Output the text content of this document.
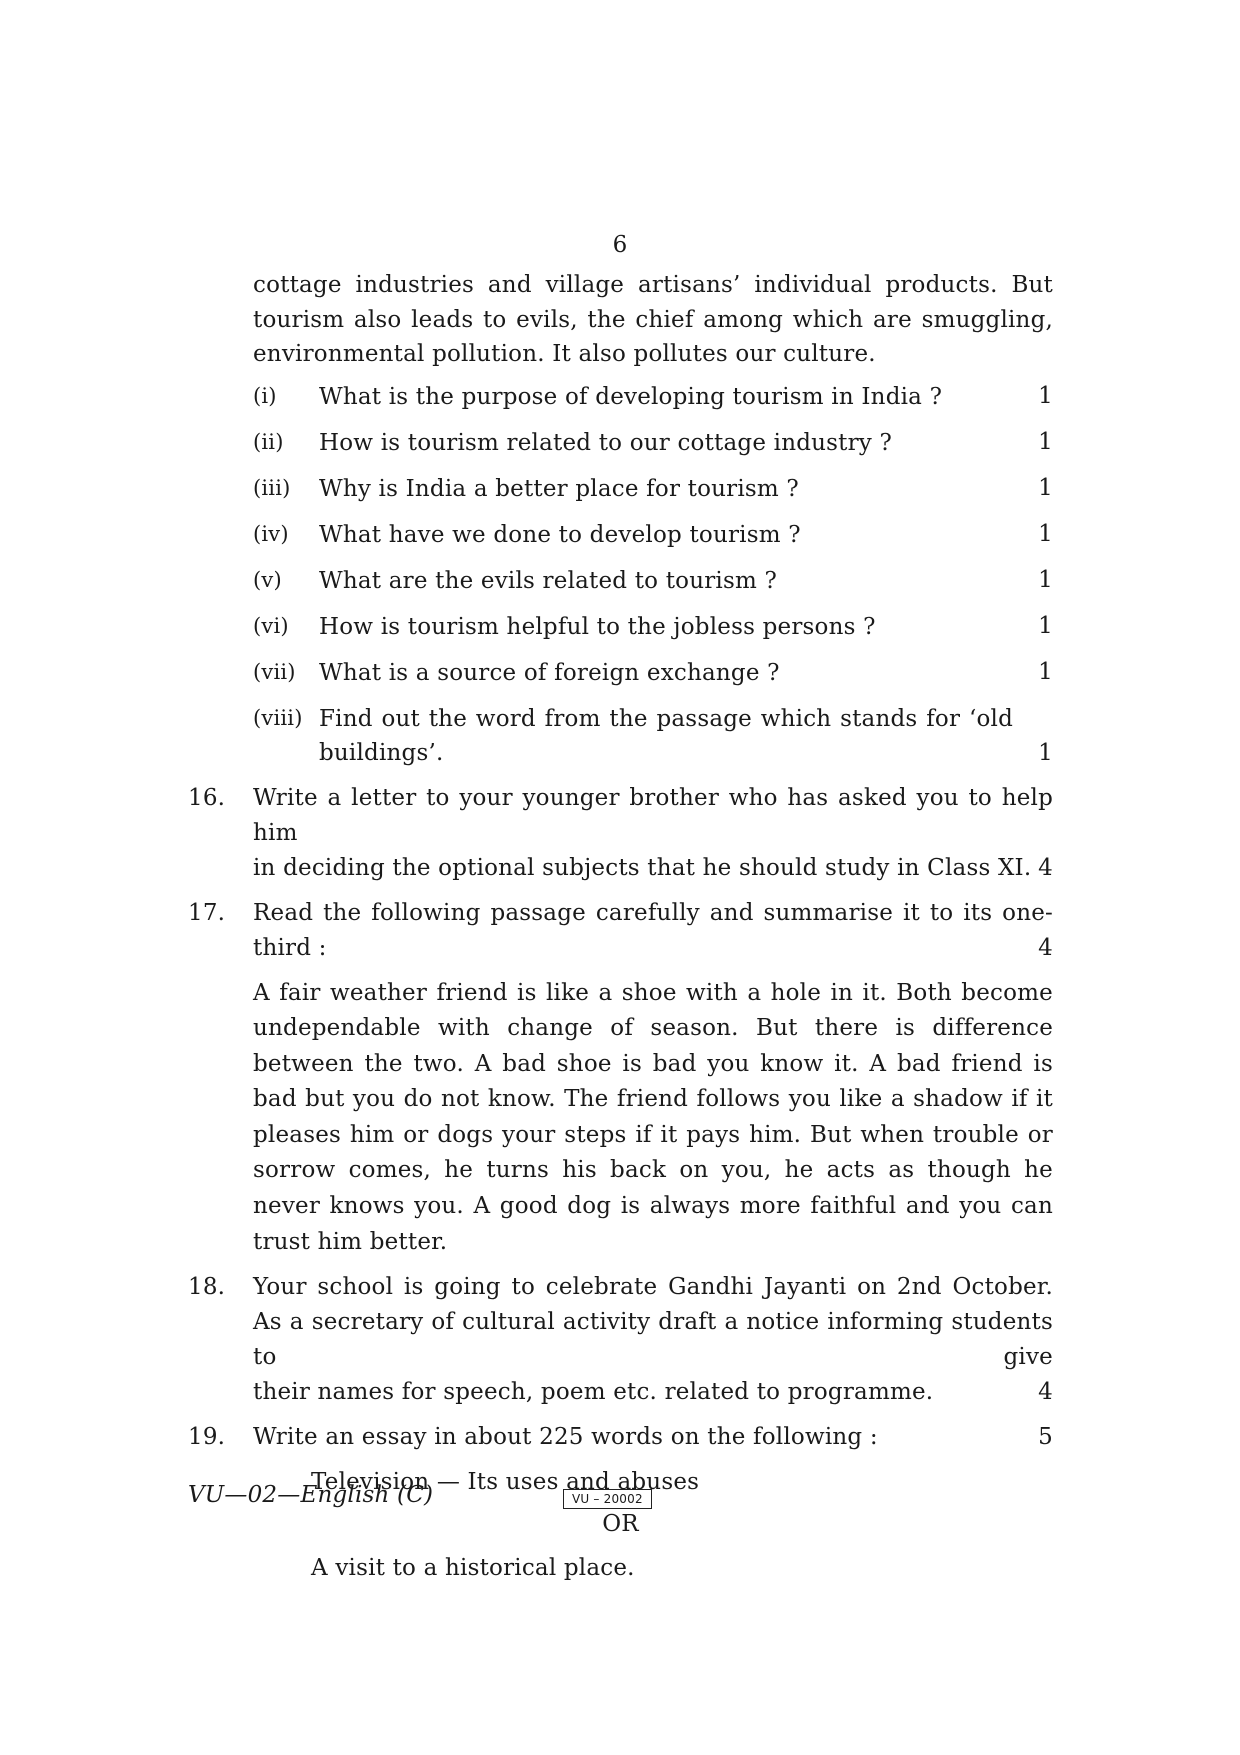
6
cottage industries and village artisans’ individual products. But tourism also leads to evils, the chief among which are smuggling, environmental pollution. It also pollutes our culture.
(i)	What is the purpose of developing tourism in India ?	1
(ii)	How is tourism related to our cottage industry ?	1
(iii)	Why is India a better place for tourism ?	1
(iv)	What have we done to develop tourism ?	1
(v)	What are the evils related to tourism ?	1
(vi)	How is tourism helpful to the jobless persons ?	1
(vii)	What is a source of foreign exchange ?	1
(viii) Find out the word from the passage which stands for ‘old
buildings’.	1
16.	Write a letter to your younger brother who has asked you to help him
in deciding the optional subjects that he should study in Class XI. 4
17.	Read the following passage carefully and summarise it to its one-
third :	4
A fair weather friend is like a shoe with a hole in it. Both become undependable with change of season. But there is difference between the two. A bad shoe is bad you know it. A bad friend is bad but you do not know. The friend follows you like a shadow if it pleases him or dogs your steps if it pays him. But when trouble or sorrow comes, he turns his back on you, he acts as though he never knows you. A good dog is always more faithful and you can trust him better.
18.	Your school is going to celebrate Gandhi Jayanti on 2nd October. As a secretary of cultural activity draft a notice informing students to give
their names for speech, poem etc. related to programme.	4
19.	Write an essay in about 225 words on the following :	5
Television — Its uses and abuses
OR
A visit to a historical place.
VU—02—English (C)	VU – 20002
